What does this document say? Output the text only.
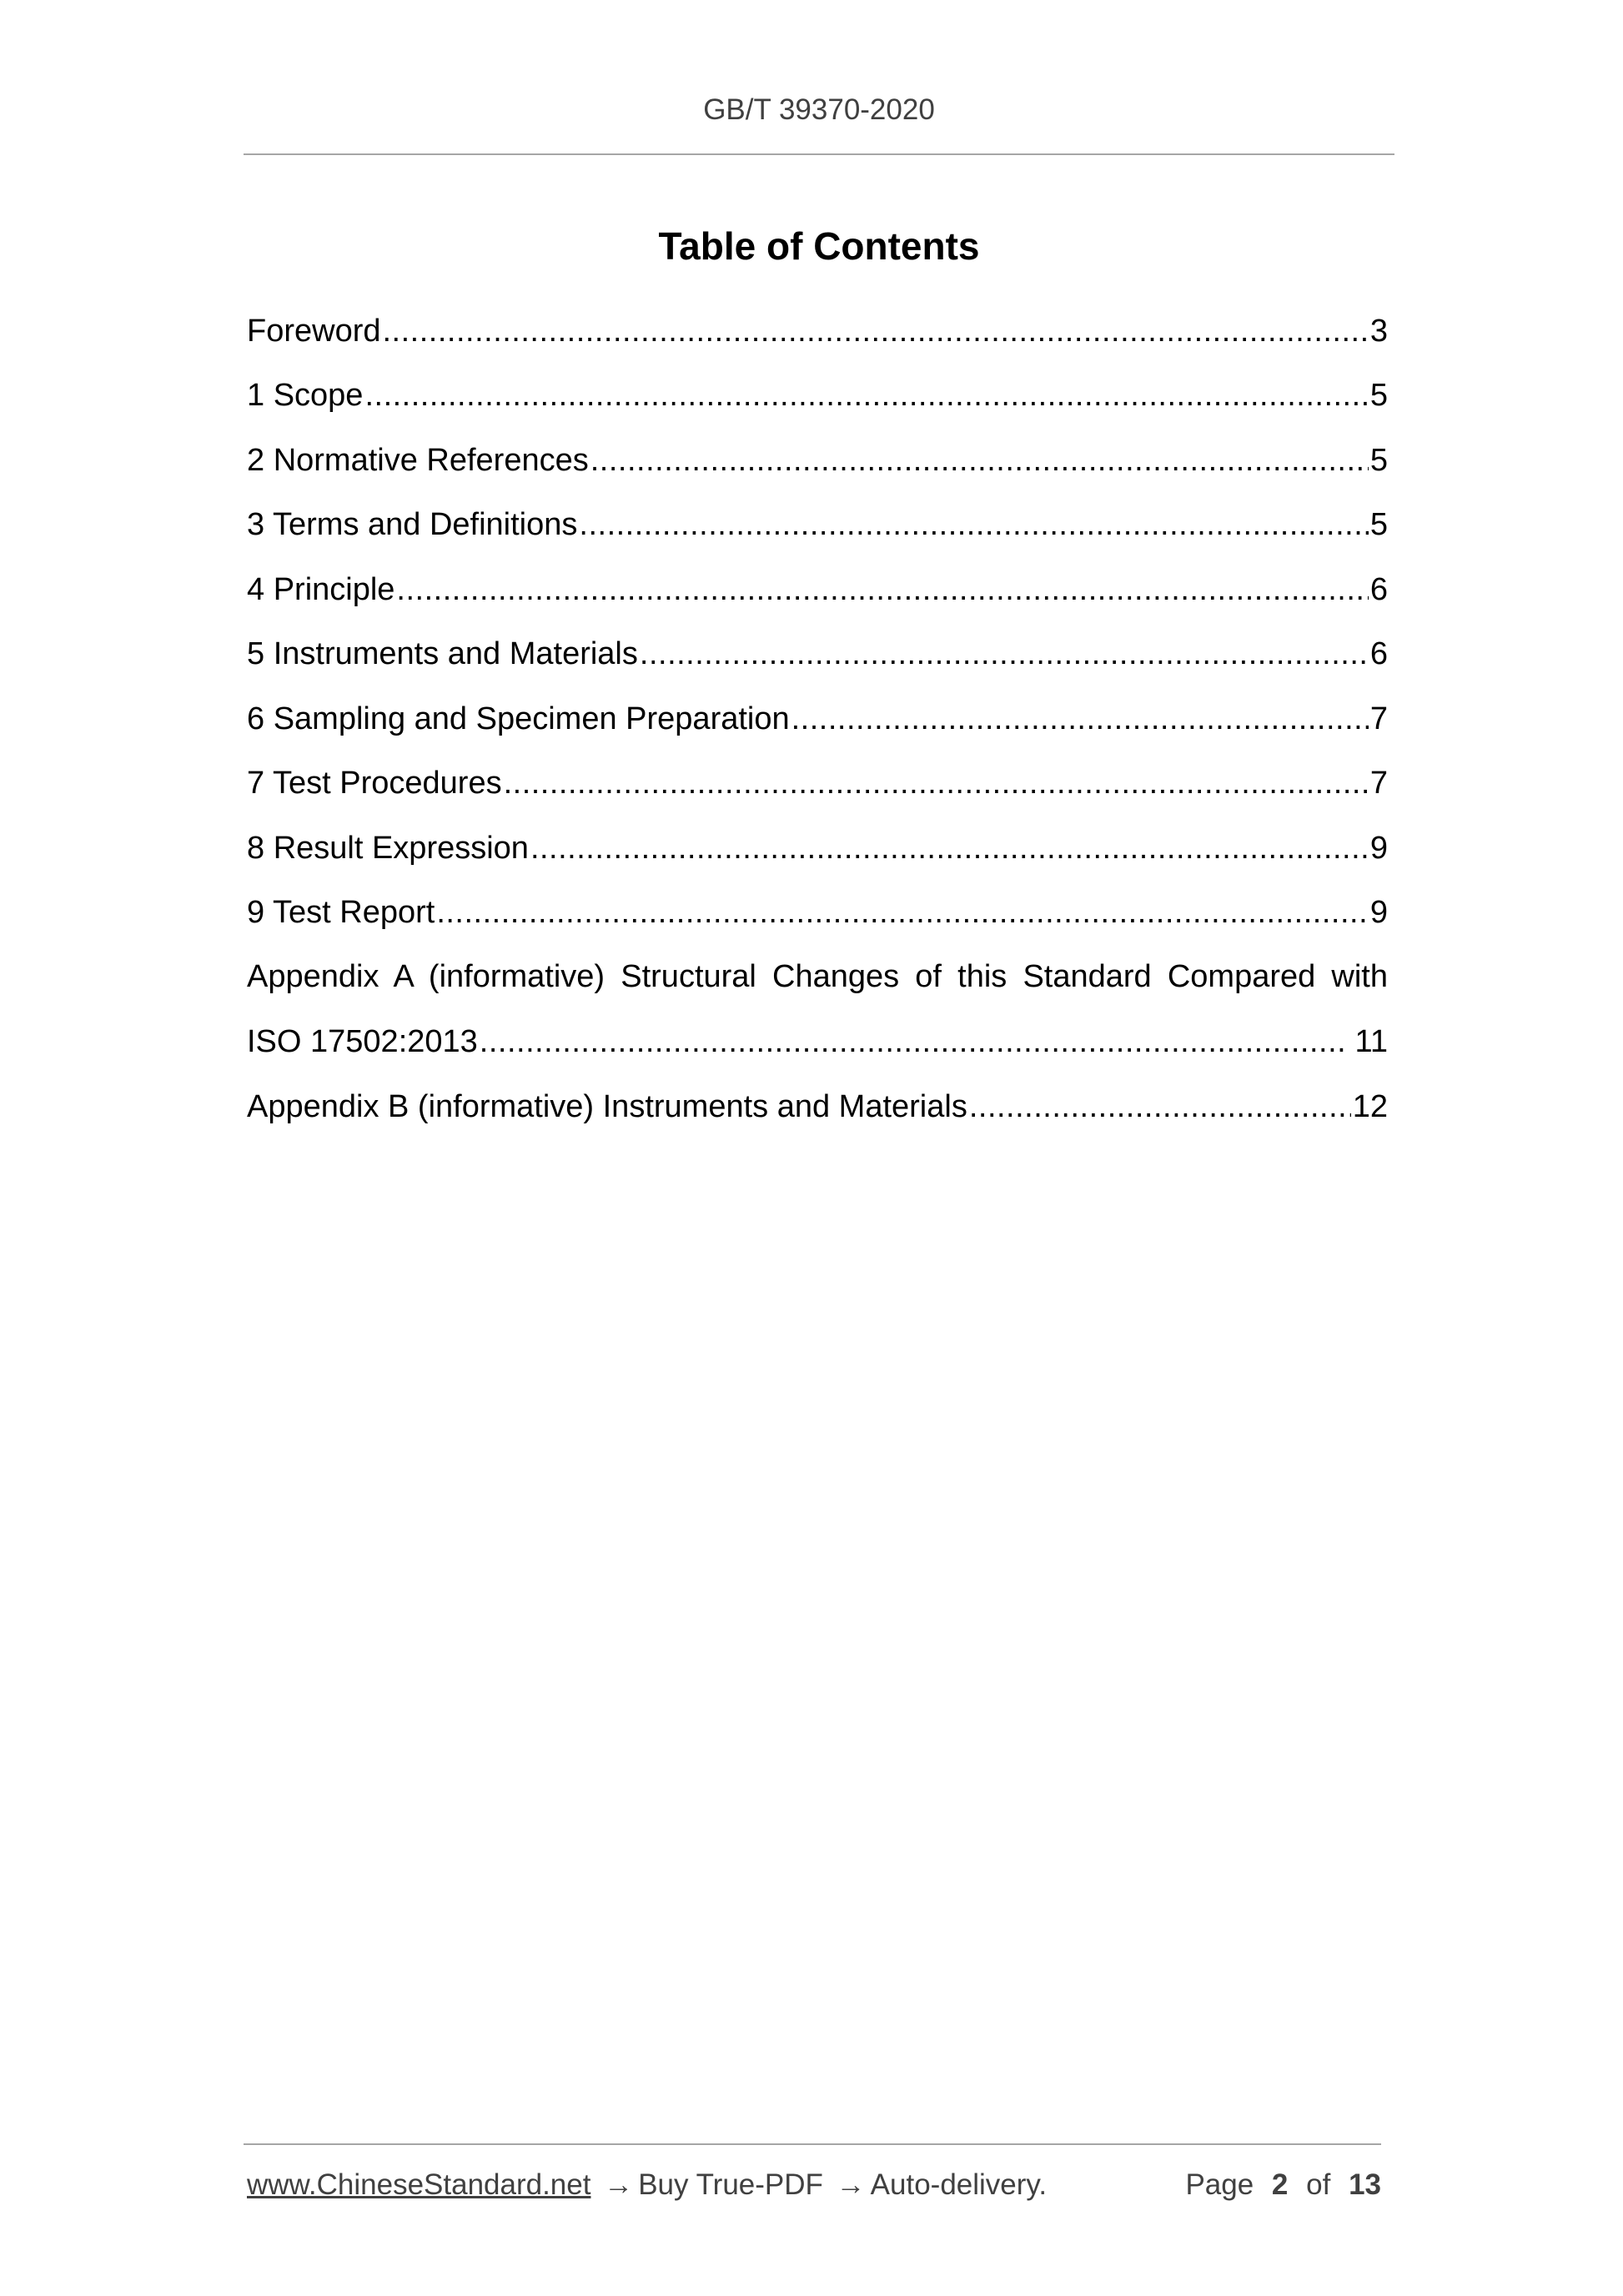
GB/T 39370-2020
Table of Contents
Foreword .....	3
1 Scope .....	5
2 Normative References .....	5
3 Terms and Definitions .....	5
4 Principle .....	6
5 Instruments and Materials .....	6
6 Sampling and Specimen Preparation .....	7
7 Test Procedures .....	7
8 Result Expression .....	9
9 Test Report .....	9
Appendix A (informative) Structural Changes of this Standard Compared with
ISO 17502:2013 .....	11
Appendix B (informative) Instruments and Materials .....	12
www.ChineseStandard.net → Buy True-PDF → Auto-delivery.	Page 2 of 13
